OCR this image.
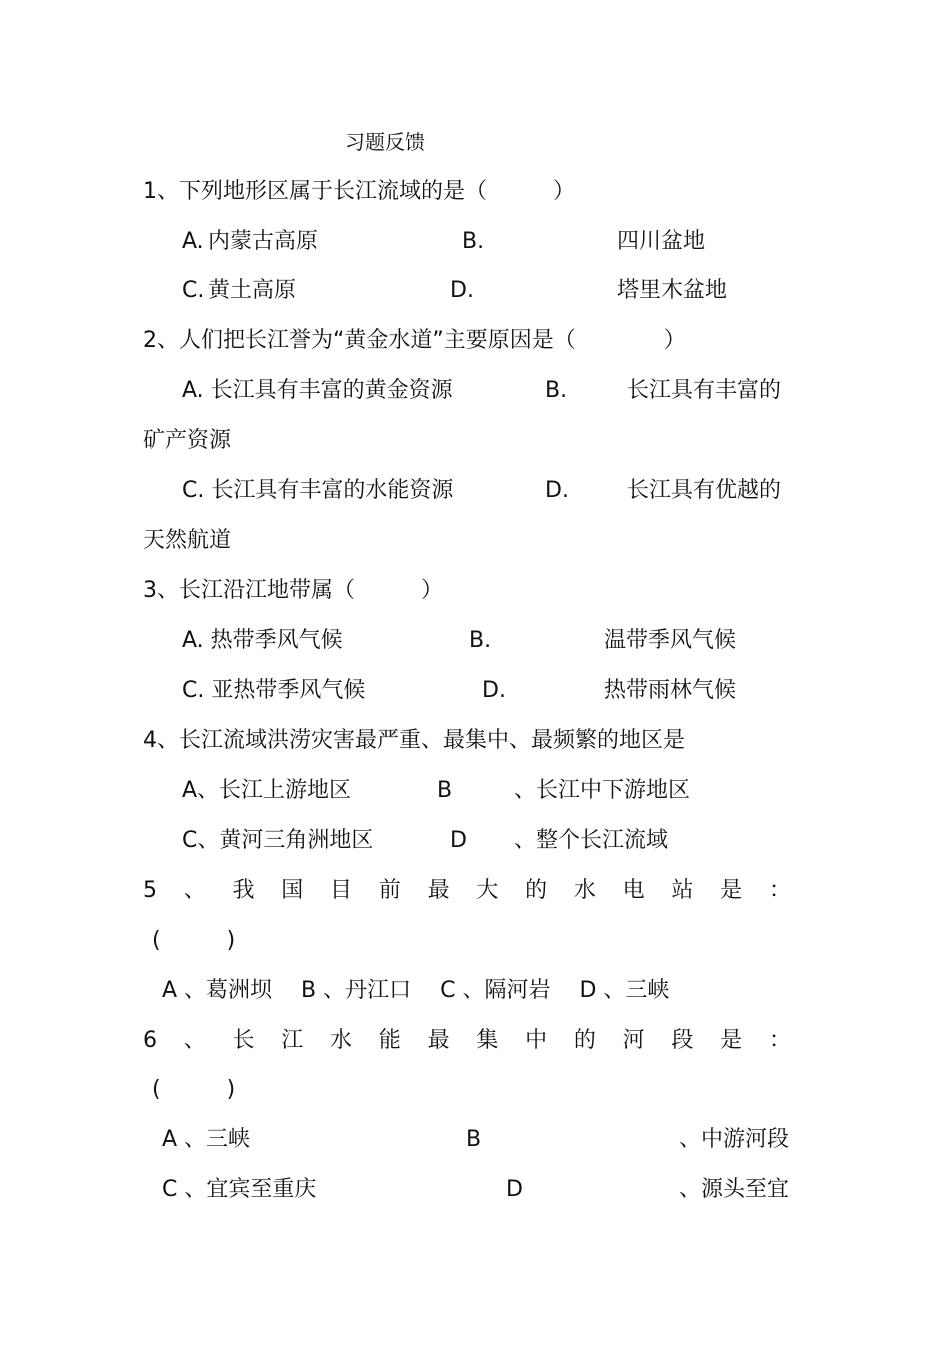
习题反馈
1、下列地形区属于长江流域的是（　　　）
A. 内蒙古高原	B.	四川盆地
C. 黄土高原	D.	塔里木盆地
2、人们把长江誉为“黄金水道”主要原因是（　　　　）
A. 长江具有丰富的黄金资源	B.	长江具有丰富的
矿产资源
C. 长江具有丰富的水能资源	D.	长江具有优越的
天然航道
3、长江沿江地带属（　　　）
A. 热带季风气候	B.	温带季风气候
C. 亚热带季风气候	D.	热带雨林气候
4、长江流域洪涝灾害最严重、最集中、最频繁的地区是
A、长江上游地区	B	、长江中下游地区
C、黄河三角洲地区	D 、整个长江流域
5 、 我 国 目 前 最 大 的 水 电 站 是 ：
(　　　)
A 、葛洲坝　 B 、丹江口　 C 、隔河岩　 D 、三峡
6 、 长 江 水 能 最 集 中 的 河 段 是 ：
(　　　)
A 、三峡	B	、中游河段
C 、宜宾至重庆	D	、源头至宜
